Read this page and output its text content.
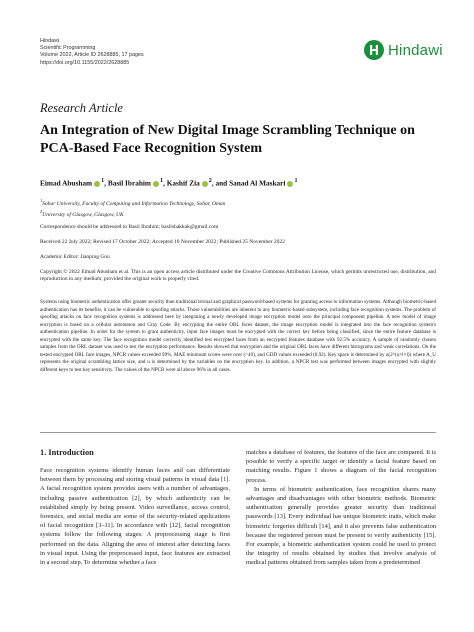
Hindawi
Scientific Programming
Volume 2022, Article ID 2628885, 17 pages
https://doi.org/10.1155/2022/2628885
Hindawi
Research Article
An Integration of New Digital Image Scrambling Technique on PCA-Based Face Recognition System
Eimad Abusham $^1$, Basil Ibrahim $^1$, Kashif Zia $^2$, and Sanad Al Maskari $^1$
$^1$Sohar University, Faculty of Computing and Information Technology, Sohar, Oman
$^2$University of Glasgow, Glasgow, UK
Correspondence should be addressed to Basil Ibrahim; basilshakkak@gmail.com
Received 22 July 2022; Revised 17 October 2022; Accepted 10 November 2022; Published 25 November 2022
Academic Editor: Jianping Gou
Copyright © 2022 Eimad Abusham et al. This is an open access article distributed under the Creative Commons Attribution License, which permits unrestricted use, distribution, and reproduction in any medium, provided the original work is properly cited.
Systems using biometric authentication offer greater security than traditional textual and graphical password-based systems for granting access to information systems. Although biometric-based authentication has its benefits, it can be vulnerable to spoofing attacks. Those vulnerabilities are inherent to any biometric-based subsystem, including face recognition systems. The problem of spoofing attacks on face recognition systems is addressed here by integrating a newly developed image encryption model onto the principal component pipeline. A new model of image encryption is based on a cellular automaton and Gray Code. By encrypting the entire ORL faces dataset, the image encryption model is integrated into the face recognition system's authentication pipeline. In order for the system to grant authenticity, input face images must be encrypted with the correct key before being classified, since the entire feature database is encrypted with the same key. The face recognition model correctly identified test encrypted faces from an encrypted features database with 92.5% accuracy. A sample of randomly chosen samples from the ORL dataset was used to test the encryption performance. Results showed that encryption and the original ORL faces have different histograms and weak correlations. On the tested encrypted ORL face images, NPCR values exceeded 99%, MAE minimum scores were over (>40), and GDD values exceeded (0.92). Key space is determined by u(2^(u×l×l)) where A_U represents the original scrambling lattice size, and u is determined by the variables on the encryption key. In addition, a NPCR test was performed between images encrypted with slightly different keys to test key sensitivity. The values of the NPCR were all above 96% in all cases.
1. Introduction

Face recognition systems identify human faces and can differentiate between them by processing and storing visual patterns in visual data [1]. A facial recognition system provides users with a number of advantages, including passive authentication [2], by which authenticity can be established simply by being present. Video surveillance, access control, forensics, and social media are some of the security-related applications of facial recognition [3–11]. In accordance with [12], facial recognition systems follow the following stages: A preprocessing stage is first performed on the data. Aligning the area of interest after detecting faces in visual input. Using the preprocessed input, face features are extracted in a second step. To determine whether a face

matches a database of features, the features of the face are compared. It is possible to verify a specific target or identify a facial feature based on matching results. Figure 1 shows a diagram of the facial recognition process.

In terms of biometric authentication, face recognition shares many advantages and disadvantages with other biometric methods. Biometric authentication generally provides greater security than traditional passwords [13]. Every individual has unique biometric traits, which make biometric forgeries difficult [14], and it also prevents false authentication because the registered person must be present to verify authenticity [15]. For example, a biometric authentication system could be used to protect the integrity of results obtained by studies that involve analysis of medical patterns obtained from samples taken from a predetermined
